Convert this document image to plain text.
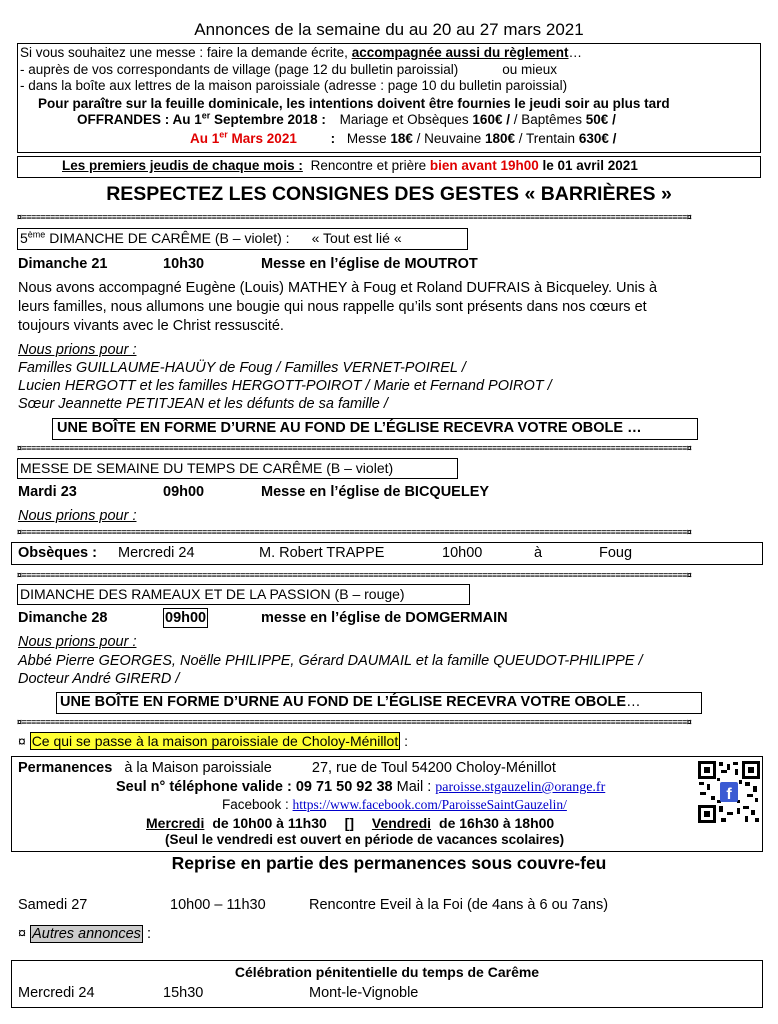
Annonces de la semaine du au 20 au 27 mars 2021
Si vous souhaitez une messe : faire la demande écrite, accompagnée aussi du règlement…
- auprès de vos correspondants de village (page 12 du bulletin paroissial)	ou mieux
- dans la boîte aux lettres de la maison paroissiale (adresse : page 10 du bulletin paroissial)
Pour paraître sur la feuille dominicale, les intentions doivent être fournies le jeudi soir au plus tard
OFFRANDES : Au 1er Septembre 2018 : Mariage et Obsèques 160€ / / Baptêmes 50€ /
Au 1er Mars 2021	: Messe 18€ / Neuvaine 180€ / Trentain 630€ /
Les premiers jeudis de chaque mois : Rencontre et prière bien avant 19h00 le 01 avril 2021
RESPECTEZ LES CONSIGNES DES GESTES « BARRIÈRES »
¤≡≡≡≡≡≡≡≡≡≡≡≡≡≡≡≡≡≡≡≡≡≡≡≡≡≡≡≡≡≡≡≡≡≡≡≡≡≡≡≡≡≡≡≡≡≡≡≡≡≡≡≡≡≡≡≡≡≡≡≡≡≡≡≡≡≡≡≡≡≡≡≡≡≡≡≡≡≡≡≡≡≡≡≡≡≡≡≡≡≡≡≡≡≡≡≡≡≡≡≡≡≡≡≡≡≡≡≡≡≡≡≡≡≡≡≡≡≡≡≡≡≡≡≡≡≡≡≡≡≡≡≡≡≡≡≡≡≡≡≡¤
5ème DIMANCHE DE CARÊME (B – violet) : « Tout est lié «
Dimanche 21	10h30	Messe en l’église de MOUTROT
Nous avons accompagné Eugène (Louis) MATHEY à Foug et Roland DUFRAIS à Bicqueley. Unis à
leurs familles, nous allumons une bougie qui nous rappelle qu’ils sont présents dans nos cœurs et
toujours vivants avec le Christ ressuscité.
Nous prions pour :
Familles GUILLAUME-HAUÜY de Foug / Familles VERNET-POIREL /
Lucien HERGOTT et les familles HERGOTT-POIROT / Marie et Fernand POIROT /
Sœur Jeannette PETITJEAN et les défunts de sa famille /
UNE BOÎTE EN FORME D’URNE AU FOND DE L’ÉGLISE RECEVRA VOTRE OBOLE …
¤≡≡≡≡≡≡≡≡≡≡≡≡≡≡≡≡≡≡≡≡≡≡≡≡≡≡≡≡≡≡≡≡≡≡≡≡≡≡≡≡≡≡≡≡≡≡≡≡≡≡≡≡≡≡≡≡≡≡≡≡≡≡≡≡≡≡≡≡≡≡≡≡≡≡≡≡≡≡≡≡≡≡≡≡≡≡≡≡≡≡≡≡≡≡≡≡≡≡≡≡≡≡≡≡≡≡≡≡≡≡≡≡≡≡≡≡≡≡≡≡≡≡≡≡≡≡≡≡≡≡≡≡≡≡≡≡≡≡≡≡¤
MESSE DE SEMAINE DU TEMPS DE CARÊME (B – violet)
Mardi 23	09h00	Messe en l’église de BICQUELEY
Nous prions pour :
¤≡≡≡≡≡≡≡≡≡≡≡≡≡≡≡≡≡≡≡≡≡≡≡≡≡≡≡≡≡≡≡≡≡≡≡≡≡≡≡≡≡≡≡≡≡≡≡≡≡≡≡≡≡≡≡≡≡≡≡≡≡≡≡≡≡≡≡≡≡≡≡≡≡≡≡≡≡≡≡≡≡≡≡≡≡≡≡≡≡≡≡≡≡≡≡≡≡≡≡≡≡≡≡≡≡≡≡≡≡≡≡≡≡≡≡≡≡≡≡≡≡≡≡≡≡≡≡≡≡≡≡≡≡≡≡≡≡≡≡≡¤
Obsèques : Mercredi 24	M. Robert TRAPPE	10h00	à	Foug
¤≡≡≡≡≡≡≡≡≡≡≡≡≡≡≡≡≡≡≡≡≡≡≡≡≡≡≡≡≡≡≡≡≡≡≡≡≡≡≡≡≡≡≡≡≡≡≡≡≡≡≡≡≡≡≡≡≡≡≡≡≡≡≡≡≡≡≡≡≡≡≡≡≡≡≡≡≡≡≡≡≡≡≡≡≡≡≡≡≡≡≡≡≡≡≡≡≡≡≡≡≡≡≡≡≡≡≡≡≡≡≡≡≡≡≡≡≡≡≡≡≡≡≡≡≡≡≡≡≡≡≡≡≡≡≡≡≡≡≡≡¤
DIMANCHE DES RAMEAUX ET DE LA PASSION (B – rouge)
Dimanche 28	09h00	messe en l’église de DOMGERMAIN
Nous prions pour :
Abbé Pierre GEORGES, Noëlle PHILIPPE, Gérard DAUMAIL et la famille QUEUDOT-PHILIPPE /
Docteur André GIRERD /
UNE BOÎTE EN FORME D’URNE AU FOND DE L’ÉGLISE RECEVRA VOTRE OBOLE…
¤≡≡≡≡≡≡≡≡≡≡≡≡≡≡≡≡≡≡≡≡≡≡≡≡≡≡≡≡≡≡≡≡≡≡≡≡≡≡≡≡≡≡≡≡≡≡≡≡≡≡≡≡≡≡≡≡≡≡≡≡≡≡≡≡≡≡≡≡≡≡≡≡≡≡≡≡≡≡≡≡≡≡≡≡≡≡≡≡≡≡≡≡≡≡≡≡≡≡≡≡≡≡≡≡≡≡≡≡≡≡≡≡≡≡≡≡≡≡≡≡≡≡≡≡≡≡≡≡≡≡≡≡≡≡≡≡≡≡≡≡¤
¤ Ce qui se passe à la maison paroissiale de Choloy-Ménillot :
Permanences à la Maison paroissiale	27, rue de Toul 54200 Choloy-Ménillot
Seul n° téléphone valide : 09 71 50 92 38 Mail : paroisse.stgauzelin@orange.fr
Facebook : https://www.facebook.com/ParoisseSaintGauzelin/
Mercredi de 10h00 à 11h30 [] Vendredi de 16h30 à 18h00
(Seul le vendredi est ouvert en période de vacances scolaires)
f
Reprise en partie des permanences sous couvre-feu
Samedi 27	10h00 – 11h30	Rencontre Eveil à la Foi (de 4ans à 6 ou 7ans)
¤ Autres annonces :
Célébration pénitentielle du temps de Carême
Mercredi 24	15h30	Mont-le-Vignoble
